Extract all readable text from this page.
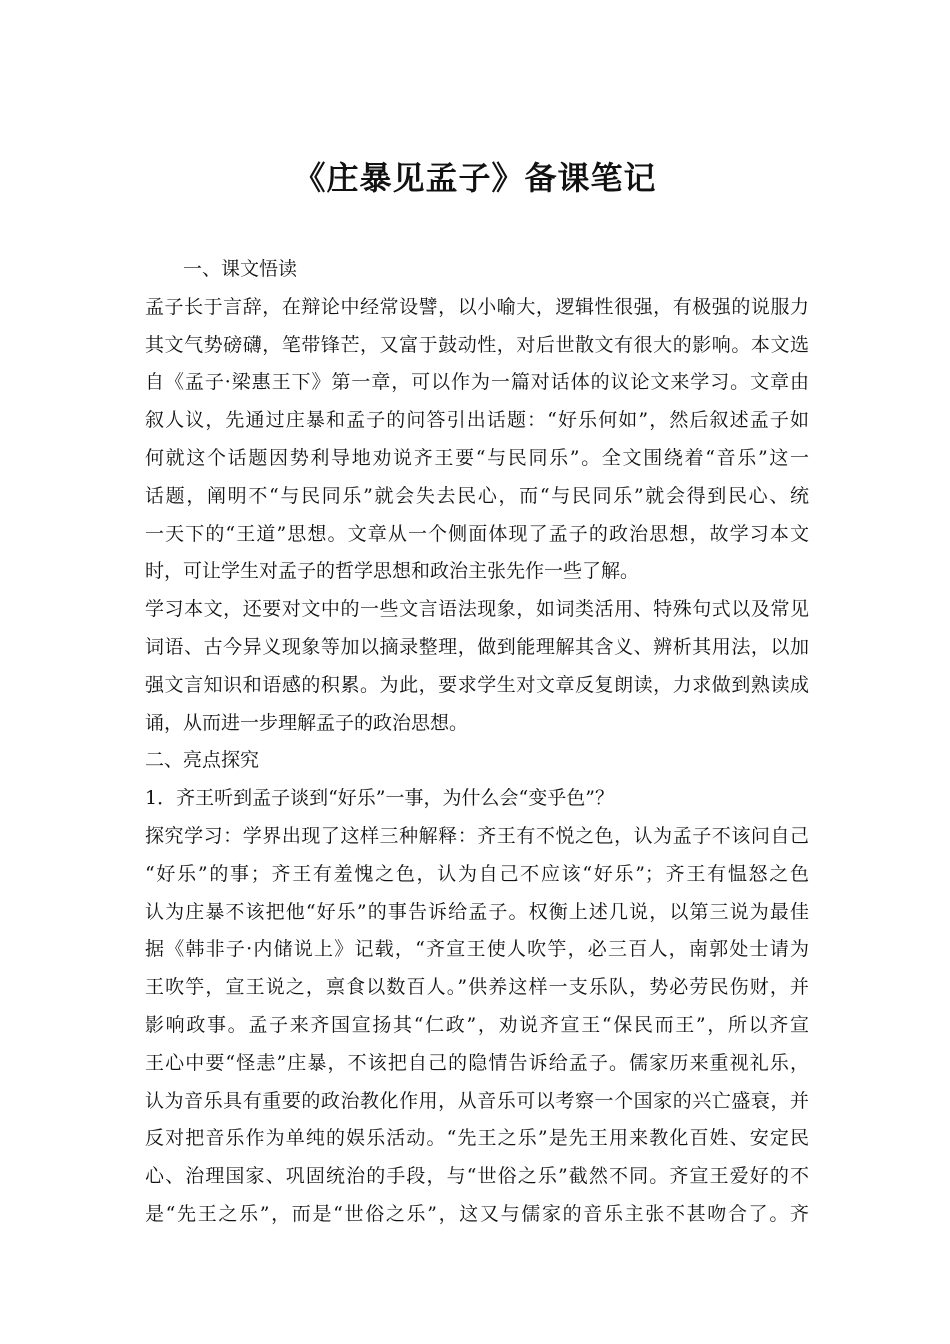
《庄暴见孟子》备课笔记
一、课文悟读
孟子长于言辞，在辩论中经常设譬，以小喻大，逻辑性很强，有极强的说服力
其文气势磅礴，笔带锋芒，又富于鼓动性，对后世散文有很大的影响。本文选
自《孟子·梁惠王下》第一章，可以作为一篇对话体的议论文来学习。文章由
叙人议，先通过庄暴和孟子的问答引出话题：“好乐何如”，然后叙述孟子如
何就这个话题因势利导地劝说齐王要“与民同乐”。全文围绕着“音乐”这一
话题，阐明不“与民同乐”就会失去民心，而“与民同乐”就会得到民心、统
一天下的“王道”思想。文章从一个侧面体现了孟子的政治思想，故学习本文
时，可让学生对孟子的哲学思想和政治主张先作一些了解。
学习本文，还要对文中的一些文言语法现象，如词类活用、特殊句式以及常见
词语、古今异义现象等加以摘录整理，做到能理解其含义、辨析其用法，以加
强文言知识和语感的积累。为此，要求学生对文章反复朗读，力求做到熟读成
诵，从而进一步理解孟子的政治思想。
二、亮点探究
1．齐王听到孟子谈到“好乐”一事，为什么会“变乎色”？
探究学习：学界出现了这样三种解释：齐王有不悦之色，认为孟子不该问自己
“好乐”的事；齐王有羞愧之色，认为自己不应该“好乐”；齐王有愠怒之色
认为庄暴不该把他“好乐”的事告诉给孟子。权衡上述几说，以第三说为最佳
据《韩非子·内储说上》记载，“齐宣王使人吹竽，必三百人，南郭处士请为
王吹竽，宣王说之，禀食以数百人。”供养这样一支乐队，势必劳民伤财，并
影响政事。孟子来齐国宣扬其“仁政”，劝说齐宣王“保民而王”，所以齐宣
王心中要“怪恚”庄暴，不该把自己的隐情告诉给孟子。儒家历来重视礼乐，
认为音乐具有重要的政治教化作用，从音乐可以考察一个国家的兴亡盛衰，并
反对把音乐作为单纯的娱乐活动。“先王之乐”是先王用来教化百姓、安定民
心、治理国家、巩固统治的手段，与“世俗之乐”截然不同。齐宣王爱好的不
是“先王之乐”，而是“世俗之乐”，这又与儒家的音乐主张不甚吻合了。齐
